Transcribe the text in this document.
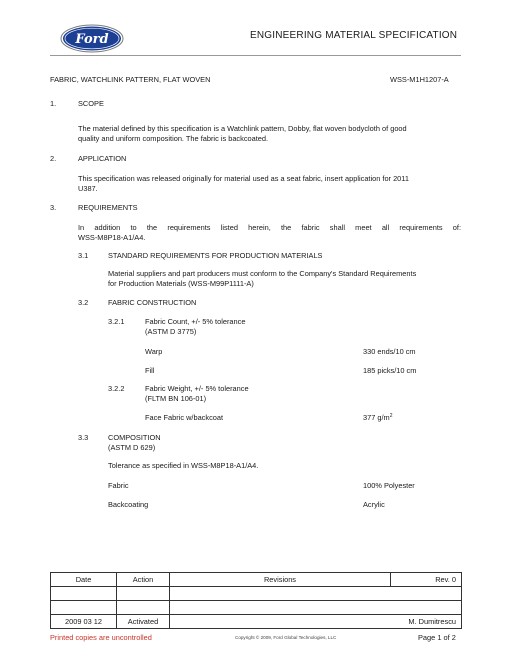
Ford	ENGINEERING MATERIAL SPECIFICATION
FABRIC, WATCHLINK PATTERN, FLAT WOVEN	WSS-M1H1207-A
1.	SCOPE
The material defined by this specification is a Watchlink pattern, Dobby, flat woven bodycloth of good
quality and uniform composition. The fabric is backcoated.
2.	APPLICATION
This specification was released originally for material used as a seat fabric, insert application for 2011
U387.
3.	REQUIREMENTS
In addition to the requirements listed herein, the fabric shall meet all requirements of:
WSS-M8P18-A1/A4.
3.1	STANDARD REQUIREMENTS FOR PRODUCTION MATERIALS
Material suppliers and part producers must conform to the Company's Standard Requirements
for Production Materials (WSS-M99P1111-A)
3.2	FABRIC CONSTRUCTION
3.2.1	Fabric Count, +/- 5% tolerance
(ASTM D 3775)
Warp	330 ends/10 cm
Fill	185 picks/10 cm
3.2.2	Fabric Weight, +/- 5% tolerance
(FLTM BN 106-01)
Face Fabric w/backcoat	377 $g/m^2$
3.3	COMPOSITION
(ASTM D 629)
Tolerance as specified in WSS-M8P18-A1/A4.
Fabric	100% Polyester
Backcoating	Acrylic
Date	Action	Revisions	Rev. 0

2009 03 12	Activated	M. Dumitrescu	
Printed copies are uncontrolled	Copyright © 2009, Ford Global Technologies, LLC	Page 1 of 2
